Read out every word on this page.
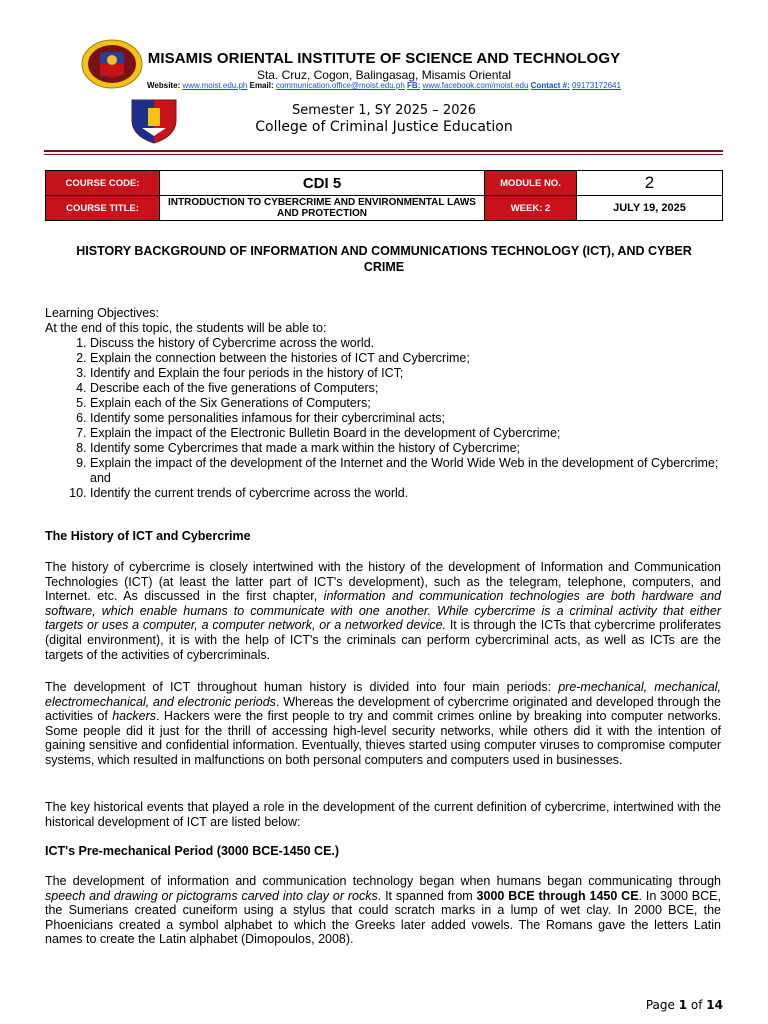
MISAMIS ORIENTAL INSTITUTE OF SCIENCE AND TECHNOLOGY
Sta. Cruz, Cogon, Balingasag, Misamis Oriental
Website: www.moist.edu.ph Email: communication.office@moist.edu.ph FB: www.facebook.com/moist.edu Contact #: 09173172641
Semester 1, SY 2025 – 2026
College of Criminal Justice Education
COURSE CODE:	CDI 5	MODULE NO.	2
COURSE TITLE:	INTRODUCTION TO CYBERCRIME AND ENVIRONMENTAL LAWS AND PROTECTION	WEEK: 2	JULY 19, 2025
HISTORY BACKGROUND OF INFORMATION AND COMMUNICATIONS TECHNOLOGY (ICT), AND CYBER CRIME
Learning Objectives:
At the end of this topic, the students will be able to:
1. Discuss the history of Cybercrime across the world.
2. Explain the connection between the histories of ICT and Cybercrime;
3. Identify and Explain the four periods in the history of ICT;
4. Describe each of the five generations of Computers;
5. Explain each of the Six Generations of Computers;
6. Identify some personalities infamous for their cybercriminal acts;
7. Explain the impact of the Electronic Bulletin Board in the development of Cybercrime;
8. Identify some Cybercrimes that made a mark within the history of Cybercrime;
9. Explain the impact of the development of the Internet and the World Wide Web in the development of Cybercrime; and
10. Identify the current trends of cybercrime across the world.
The History of ICT and Cybercrime
The history of cybercrime is closely intertwined with the history of the development of Information and Communication Technologies (ICT) (at least the latter part of ICT's development), such as the telegram, telephone, computers, and Internet. etc. As discussed in the first chapter, information and communication technologies are both hardware and software, which enable humans to communicate with one another. While cybercrime is a criminal activity that either targets or uses a computer, a computer network, or a networked device. It is through the ICTs that cybercrime proliferates (digital environment), it is with the help of ICT's the criminals can perform cybercriminal acts, as well as ICTs are the targets of the activities of cybercriminals.
The development of ICT throughout human history is divided into four main periods: pre-mechanical, mechanical, electromechanical, and electronic periods. Whereas the development of cybercrime originated and developed through the activities of hackers. Hackers were the first people to try and commit crimes online by breaking into computer networks. Some people did it just for the thrill of accessing high-level security networks, while others did it with the intention of gaining sensitive and confidential information. Eventually, thieves started using computer viruses to compromise computer systems, which resulted in malfunctions on both personal computers and computers used in businesses.
The key historical events that played a role in the development of the current definition of cybercrime, intertwined with the historical development of ICT are listed below:
ICT's Pre-mechanical Period (3000 BCE-1450 CE.)
The development of information and communication technology began when humans began communicating through speech and drawing or pictograms carved into clay or rocks. It spanned from 3000 BCE through 1450 CE. In 3000 BCE, the Sumerians created cuneiform using a stylus that could scratch marks in a lump of wet clay. In 2000 BCE, the Phoenicians created a symbol alphabet to which the Greeks later added vowels. The Romans gave the letters Latin names to create the Latin alphabet (Dimopoulos, 2008).
Page 1 of 14
